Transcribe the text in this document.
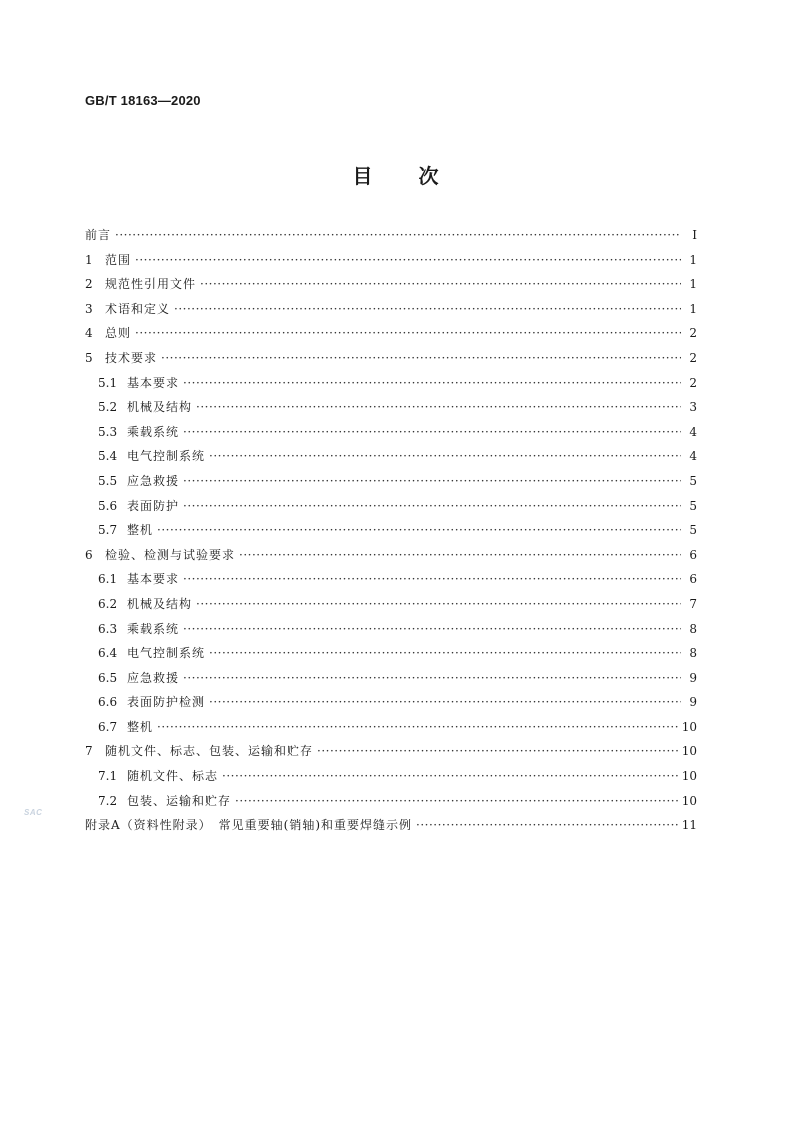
GB/T 18163—2020
目　　次
前言 ·····	Ⅰ
1	范围 ·····	1
2	规范性引用文件 ·····	1
3	术语和定义 ·····	1
4	总则 ·····	2
5	技术要求 ·····	2
5.1 基本要求 ·····	2
5.2 机械及结构 ·····	3
5.3 乘载系统 ·····	4
5.4 电气控制系统 ·····	4
5.5 应急救援 ·····	5
5.6 表面防护 ·····	5
5.7 整机 ·····	5
6	检验、检测与试验要求 ·····	6
6.1 基本要求 ·····	6
6.2 机械及结构 ·····	7
6.3 乘载系统 ·····	8
6.4 电气控制系统 ·····	8
6.5 应急救援 ·····	9
6.6 表面防护检测 ·····	9
6.7 整机 ·····	10
7	随机文件、标志、包装、运输和贮存 ·····	10
7.1 随机文件、标志 ·····	10
7.2 包装、运输和贮存 ·····	10
附录A（资料性附录）　常见重要轴(销轴)和重要焊缝示例 ·····	11
SAC
